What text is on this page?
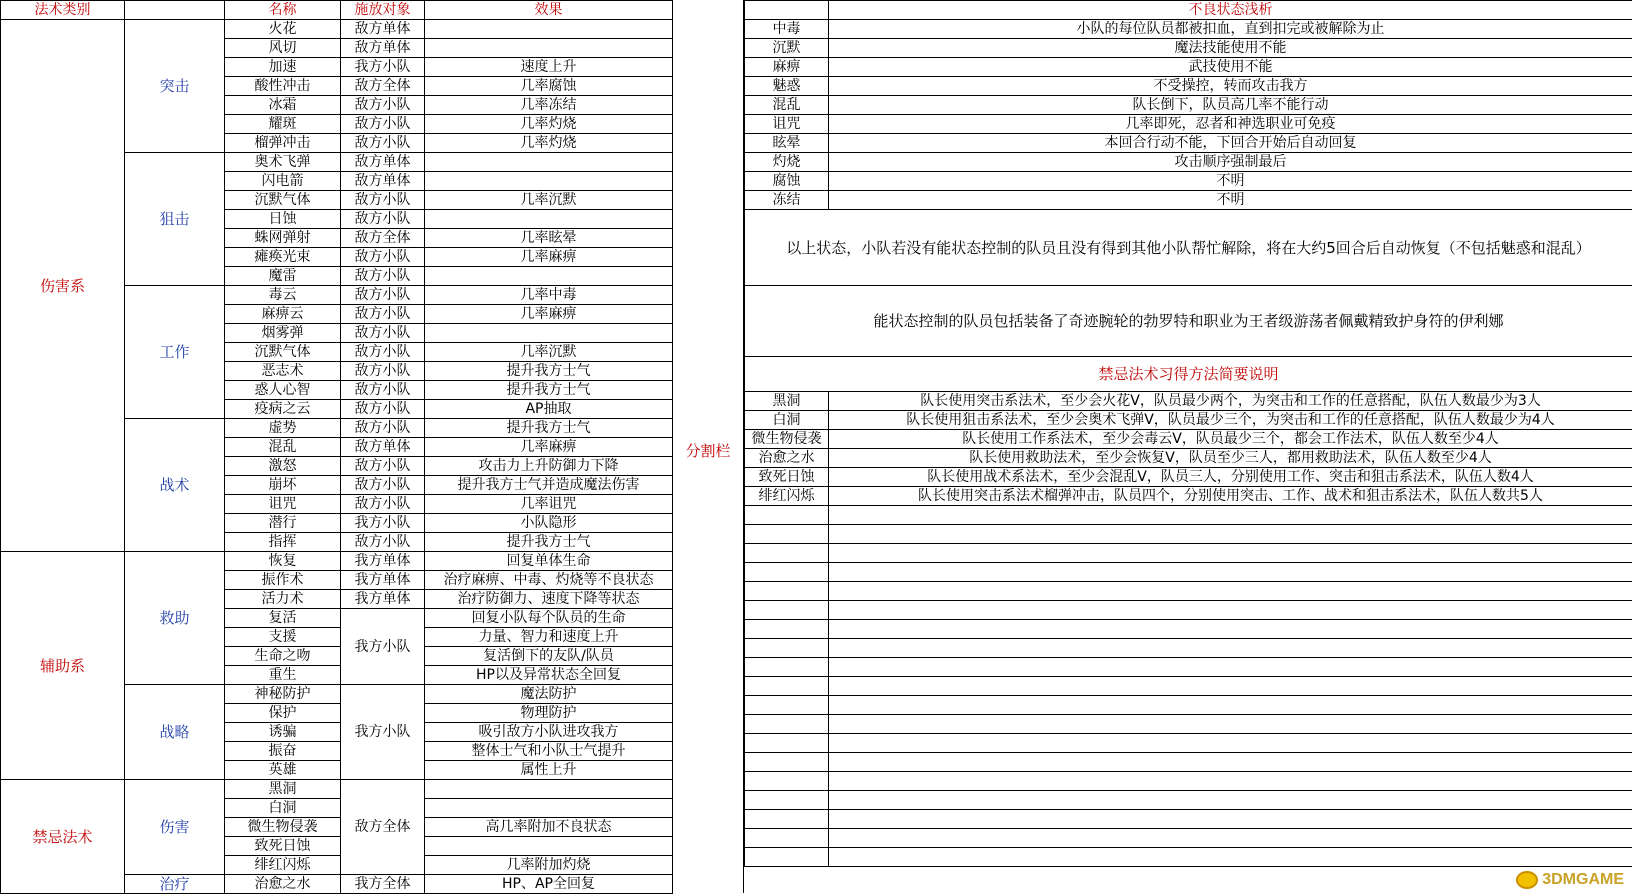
法术类别		名称	施放对象	效果
伤害系	突击	火花	敌方单体	
		风切	敌方单体	
		加速	我方小队	速度上升
		酸性冲击	敌方全体	几率腐蚀
		冰霜	敌方小队	几率冻结
		耀斑	敌方小队	几率灼烧
		榴弹冲击	敌方小队	几率灼烧
	狙击	奥术飞弹	敌方单体	
		闪电箭	敌方单体	
		沉默气体	敌方小队	几率沉默
		日蚀	敌方小队	
		蛛网弹射	敌方全体	几率眩晕
		瘫痪光束	敌方小队	几率麻痹
		魔雷	敌方小队	
	工作	毒云	敌方小队	几率中毒
		麻痹云	敌方小队	几率麻痹
		烟雾弹	敌方小队	
		沉默气体	敌方小队	几率沉默
		恶志术	敌方小队	提升我方士气
		惑人心智	敌方小队	提升我方士气
		疫病之云	敌方小队	AP抽取
	战术	虚势	敌方小队	提升我方士气
		混乱	敌方单体	几率麻痹
		激怒	敌方小队	攻击力上升防御力下降
		崩坏	敌方小队	提升我方士气并造成魔法伤害
		诅咒	敌方小队	几率诅咒
		潜行	我方小队	小队隐形
		指挥	敌方小队	提升我方士气
辅助系	救助	恢复	我方单体	回复单体生命
		振作术	我方单体	治疗麻痹、中毒、灼烧等不良状态
		活力术	我方单体	治疗防御力、速度下降等状态
		复活	我方小队	回复小队每个队员的生命
		支援		力量、智力和速度上升
		生命之吻		复活倒下的友队/队员
		重生		HP以及异常状态全回复
	战略	神秘防护	我方小队	魔法防护
		保护		物理防护
		诱骗		吸引敌方小队进攻我方
		振奋		整体士气和小队士气提升
		英雄		属性上升
禁忌法术	伤害	黑洞	敌方全体	
		白洞		
		微生物侵袭		高几率附加不良状态
		致死日蚀		
		绯红闪烁		几率附加灼烧
	治疗	治愈之水	我方全体	HP、AP全回复
分割栏
	不良状态浅析
中毒	小队的每位队员都被扣血，直到扣完或被解除为止
沉默	魔法技能使用不能
麻痹	武技使用不能
魅惑	不受操控，转而攻击我方
混乱	队长倒下，队员高几率不能行动
诅咒	几率即死，忍者和神选职业可免疫
眩晕	本回合行动不能，下回合开始后自动回复
灼烧	攻击顺序强制最后
腐蚀	不明
冻结	不明
以上状态，小队若没有能状态控制的队员且没有得到其他小队帮忙解除，将在大约5回合后自动恢复（不包括魅惑和混乱）	
能状态控制的队员包括装备了奇迹腕轮的勃罗特和职业为王者级游荡者佩戴精致护身符的伊利娜	
禁忌法术习得方法简要说明	
黑洞	队长使用突击系法术，至少会火花Ⅴ，队员最少两个，为突击和工作的任意搭配，队伍人数最少为3人
白洞	队长使用狙击系法术，至少会奥术飞弹Ⅴ，队员最少三个，为突击和工作的任意搭配，队伍人数最少为4人
微生物侵袭	队长使用工作系法术，至少会毒云Ⅴ，队员最少三个，都会工作法术，队伍人数至少4人
治愈之水	队长使用救助法术，至少会恢复Ⅴ，队员至少三人，都用救助法术，队伍人数至少4人
致死日蚀	队长使用战术系法术，至少会混乱Ⅴ，队员三人，分别使用工作、突击和狙击系法术，队伍人数4人
绯红闪烁	队长使用突击系法术榴弹冲击，队员四个，分别使用突击、工作、战术和狙击系法术，队伍人数共5人

3DMGAME
